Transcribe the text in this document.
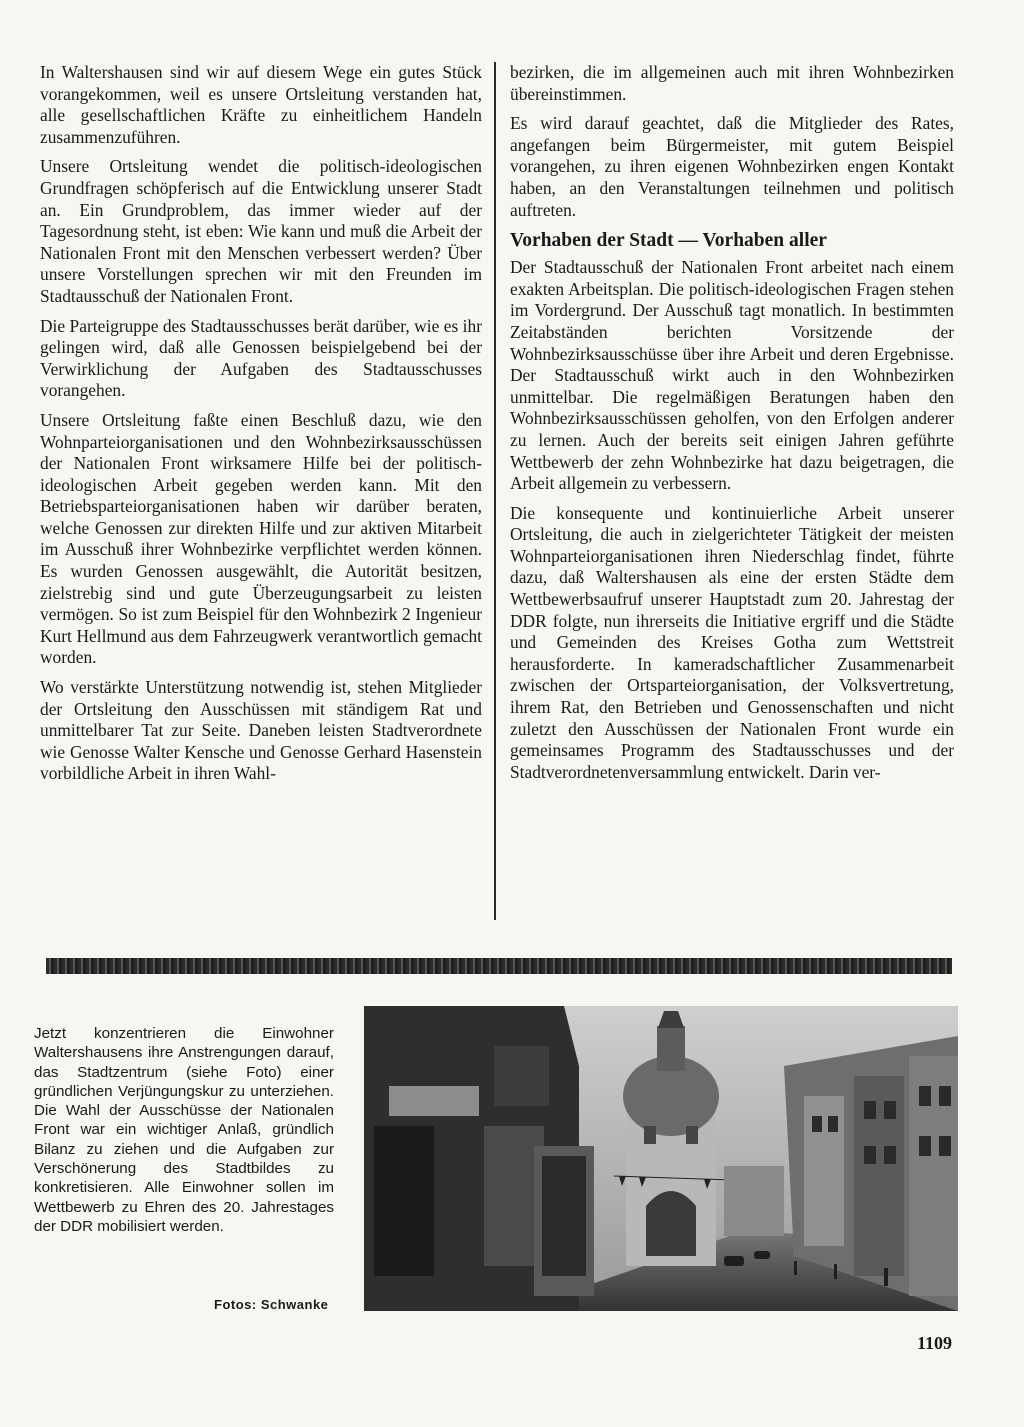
In Waltershausen sind wir auf diesem Wege ein gutes Stück vorangekommen, weil es unsere Ortsleitung verstanden hat, alle gesellschaftlichen Kräfte zu einheitlichem Handeln zusammenzuführen.

Unsere Ortsleitung wendet die politisch-ideologischen Grundfragen schöpferisch auf die Entwicklung unserer Stadt an. Ein Grundproblem, das immer wieder auf der Tagesordnung steht, ist eben: Wie kann und muß die Arbeit der Nationalen Front mit den Menschen verbessert werden? Über unsere Vorstellungen sprechen wir mit den Freunden im Stadtausschuß der Nationalen Front.

Die Parteigruppe des Stadtausschusses berät darüber, wie es ihr gelingen wird, daß alle Genossen beispielgebend bei der Verwirklichung der Aufgaben des Stadtausschusses vorangehen.

Unsere Ortsleitung faßte einen Beschluß dazu, wie den Wohnparteiorganisationen und den Wohnbezirksausschüssen der Nationalen Front wirksamere Hilfe bei der politisch-ideologischen Arbeit gegeben werden kann. Mit den Betriebsparteiorganisationen haben wir darüber beraten, welche Genossen zur direkten Hilfe und zur aktiven Mitarbeit im Ausschuß ihrer Wohnbezirke verpflichtet werden können. Es wurden Genossen ausgewählt, die Autorität besitzen, zielstrebig sind und gute Überzeugungsarbeit zu leisten vermögen. So ist zum Beispiel für den Wohnbezirk 2 Ingenieur Kurt Hellmund aus dem Fahrzeugwerk verantwortlich gemacht worden.

Wo verstärkte Unterstützung notwendig ist, stehen Mitglieder der Ortsleitung den Ausschüssen mit ständigem Rat und unmittelbarer Tat zur Seite. Daneben leisten Stadtverordnete wie Genosse Walter Kensche und Genosse Gerhard Hasenstein vorbildliche Arbeit in ihren Wahl-

bezirken, die im allgemeinen auch mit ihren Wohnbezirken übereinstimmen.

Es wird darauf geachtet, daß die Mitglieder des Rates, angefangen beim Bürgermeister, mit gutem Beispiel vorangehen, zu ihren eigenen Wohnbezirken engen Kontakt haben, an den Veranstaltungen teilnehmen und politisch auftreten.

Vorhaben der Stadt — Vorhaben aller

Der Stadtausschuß der Nationalen Front arbeitet nach einem exakten Arbeitsplan. Die politisch-ideologischen Fragen stehen im Vordergrund. Der Ausschuß tagt monatlich. In bestimmten Zeitabständen berichten Vorsitzende der Wohnbezirksausschüsse über ihre Arbeit und deren Ergebnisse. Der Stadtausschuß wirkt auch in den Wohnbezirken unmittelbar. Die regelmäßigen Beratungen haben den Wohnbezirksausschüssen geholfen, von den Erfolgen anderer zu lernen. Auch der bereits seit einigen Jahren geführte Wettbewerb der zehn Wohnbezirke hat dazu beigetragen, die Arbeit allgemein zu verbessern.

Die konsequente und kontinuierliche Arbeit unserer Ortsleitung, die auch in zielgerichteter Tätigkeit der meisten Wohnparteiorganisationen ihren Niederschlag findet, führte dazu, daß Waltershausen als eine der ersten Städte dem Wettbewerbsaufruf unserer Hauptstadt zum 20. Jahrestag der DDR folgte, nun ihrerseits die Initiative ergriff und die Städte und Gemeinden des Kreises Gotha zum Wettstreit herausforderte. In kameradschaftlicher Zusammenarbeit zwischen der Ortsparteiorganisation, der Volksvertretung, ihrem Rat, den Betrieben und Genossenschaften und nicht zuletzt den Ausschüssen der Nationalen Front wurde ein gemeinsames Programm des Stadtausschusses und der Stadtverordnetenversammlung entwickelt. Darin ver-

Jetzt konzentrieren die Einwohner Waltershausens ihre Anstrengungen darauf, das Stadtzentrum (siehe Foto) einer gründlichen Verjüngungskur zu unterziehen. Die Wahl der Ausschüsse der Nationalen Front war ein wichtiger Anlaß, gründlich Bilanz zu ziehen und die Aufgaben zur Verschönerung des Stadtbildes zu konkretisieren. Alle Einwohner sollen im Wettbewerb zu Ehren des 20. Jahrestages der DDR mobilisiert werden.
Fotos: Schwanke
1109
